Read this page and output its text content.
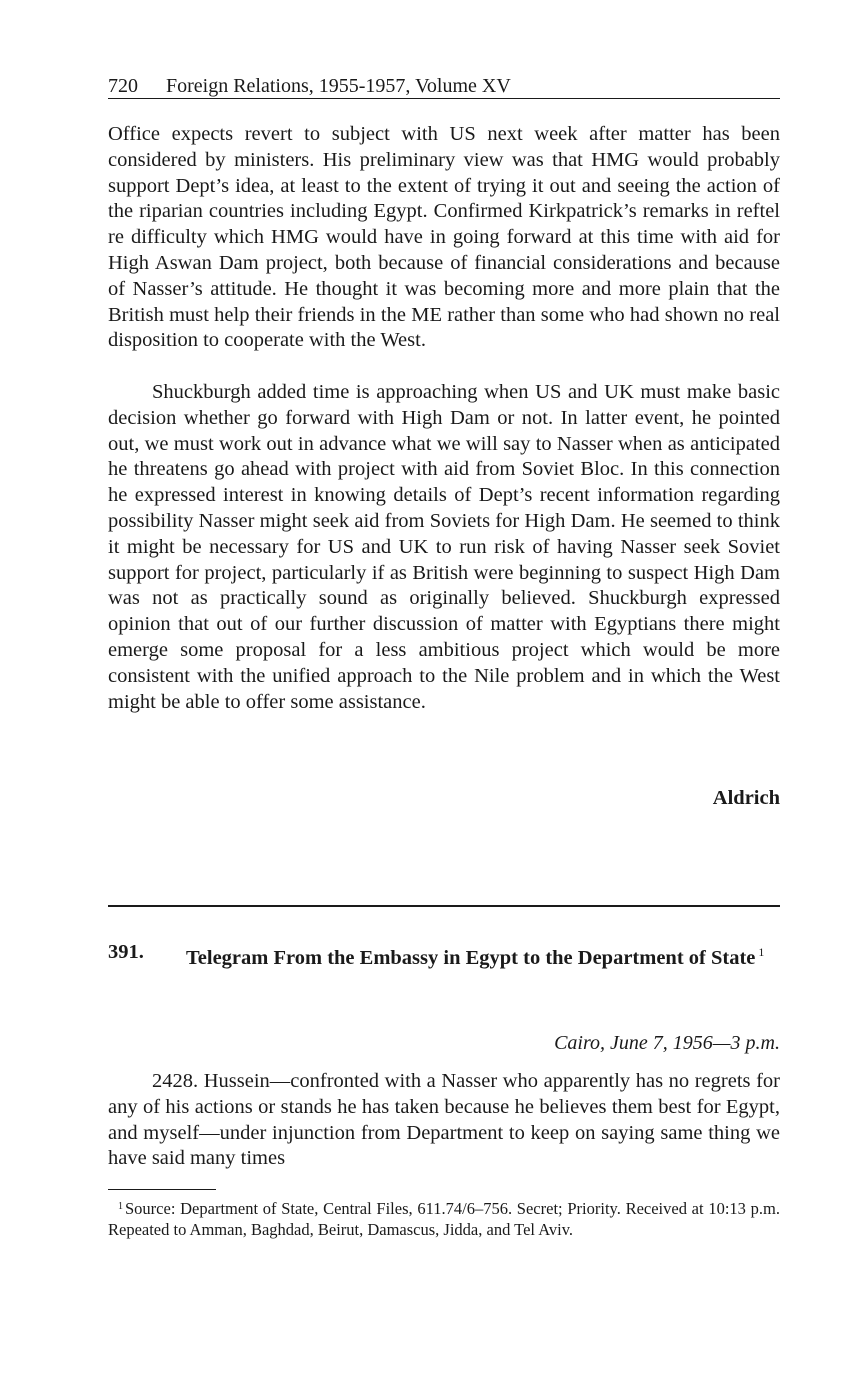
720 Foreign Relations, 1955-1957, Volume XV

Office expects revert to subject with US next week after matter has been considered by ministers. His preliminary view was that HMG would probably support Dept’s idea, at least to the extent of trying it out and seeing the action of the riparian countries including Egypt. Confirmed Kirkpatrick’s remarks in reftel re difficulty which HMG would have in going forward at this time with aid for High Aswan Dam project, both because of financial considerations and because of Nasser’s attitude. He thought it was becoming more and more plain that the British must help their friends in the ME rather than some who had shown no real disposition to cooperate with the West.

Shuckburgh added time is approaching when US and UK must make basic decision whether go forward with High Dam or not. In latter event, he pointed out, we must work out in advance what we will say to Nasser when as anticipated he threatens go ahead with project with aid from Soviet Bloc. In this connection he expressed interest in knowing details of Dept’s recent information regarding possibility Nasser might seek aid from Soviets for High Dam. He seemed to think it might be necessary for US and UK to run risk of having Nasser seek Soviet support for project, particularly if as British were beginning to suspect High Dam was not as practically sound as originally believed. Shuckburgh expressed opinion that out of our further discussion of matter with Egyptians there might emerge some proposal for a less ambitious project which would be more consistent with the unified approach to the Nile problem and in which the West might be able to offer some assistance.

Aldrich
391. Telegram From the Embassy in Egypt to the Department of State $^1$
Cairo, June 7, 1956—3 p.m.

2428. Hussein—confronted with a Nasser who apparently has no regrets for any of his actions or stands he has taken because he believes them best for Egypt, and myself—under injunction from Department to keep on saying same thing we have said many times

$^1$ Source: Department of State, Central Files, 611.74/6–756. Secret; Priority. Received at 10:13 p.m. Repeated to Amman, Baghdad, Beirut, Damascus, Jidda, and Tel Aviv.
